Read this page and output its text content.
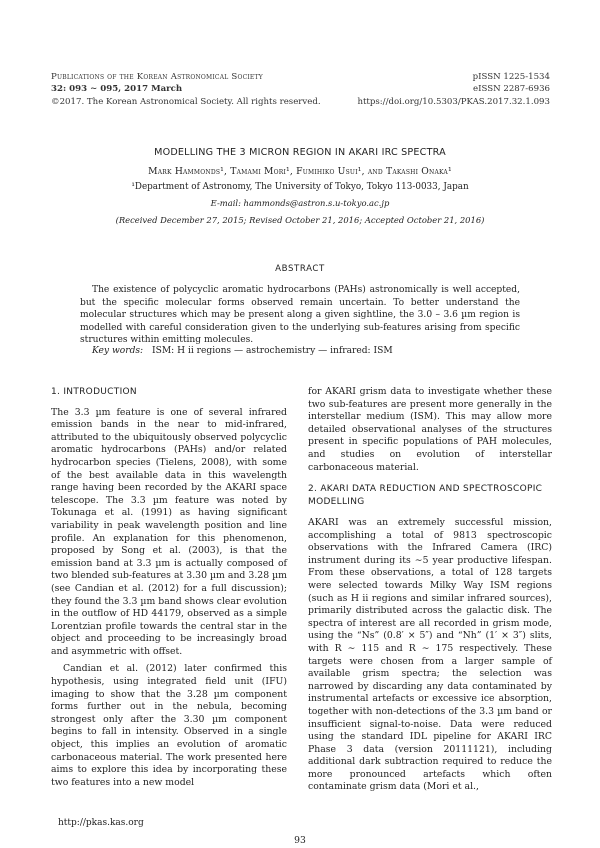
Publications of the Korean Astronomical Society
32: 093 ∼ 095, 2017 March
©2017. The Korean Astronomical Society. All rights reserved.
pISSN 1225-1534
eISSN 2287-6936
https://doi.org/10.5303/PKAS.2017.32.1.093
MODELLING THE 3 MICRON REGION IN AKARI IRC SPECTRA
Mark Hammonds¹, Tamami Mori¹, Fumihiko Usui¹, and Takashi Onaka¹
¹Department of Astronomy, The University of Tokyo, Tokyo 113-0033, Japan
E-mail: hammonds@astron.s.u-tokyo.ac.jp
(Received December 27, 2015; Revised October 21, 2016; Accepted October 21, 2016)
ABSTRACT

The existence of polycyclic aromatic hydrocarbons (PAHs) astronomically is well accepted, but the specific molecular forms observed remain uncertain. To better understand the molecular structures which may be present along a given sightline, the 3.0 – 3.6 µm region is modelled with careful consideration given to the underlying sub-features arising from specific structures within emitting molecules.

Key words: ISM: H ii regions — astrochemistry — infrared: ISM
1. INTRODUCTION

The 3.3 µm feature is one of several infrared emission bands in the near to mid-infrared, attributed to the ubiquitously observed polycyclic aromatic hydrocarbons (PAHs) and/or related hydrocarbon species (Tielens, 2008), with some of the best available data in this wavelength range having been recorded by the AKARI space telescope. The 3.3 µm feature was noted by Tokunaga et al. (1991) as having significant variability in peak wavelength position and line profile. An explanation for this phenomenon, proposed by Song et al. (2003), is that the emission band at 3.3 µm is actually composed of two blended sub-features at 3.30 µm and 3.28 µm (see Candian et al. (2012) for a full discussion); they found the 3.3 µm band shows clear evolution in the outflow of HD 44179, observed as a simple Lorentzian profile towards the central star in the object and proceeding to be increasingly broad and asymmetric with offset.

Candian et al. (2012) later confirmed this hypothesis, using integrated field unit (IFU) imaging to show that the 3.28 µm component forms further out in the nebula, becoming strongest only after the 3.30 µm component begins to fall in intensity. Observed in a single object, this implies an evolution of aromatic carbonaceous material. The work presented here aims to explore this idea by incorporating these two features into a new model

for AKARI grism data to investigate whether these two sub-features are present more generally in the interstellar medium (ISM). This may allow more detailed observational analyses of the structures present in specific populations of PAH molecules, and studies on evolution of interstellar carbonaceous material.

2. AKARI DATA REDUCTION AND SPECTROSCOPIC MODELLING

AKARI was an extremely successful mission, accomplishing a total of 9813 spectroscopic observations with the Infrared Camera (IRC) instrument during its ∼5 year productive lifespan. From these observations, a total of 128 targets were selected towards Milky Way ISM regions (such as H ii regions and similar infrared sources), primarily distributed across the galactic disk. The spectra of interest are all recorded in grism mode, using the “Ns” (0.8′ × 5″) and “Nh” (1′ × 3″) slits, with R ∼ 115 and R ∼ 175 respectively. These targets were chosen from a larger sample of available grism spectra; the selection was narrowed by discarding any data contaminated by instrumental artefacts or excessive ice absorption, together with non-detections of the 3.3 µm band or insufficient signal-to-noise. Data were reduced using the standard IDL pipeline for AKARI IRC Phase 3 data (version 20111121), including additional dark subtraction required to reduce the more pronounced artefacts which often contaminate grism data (Mori et al.,

http://pkas.kas.org
93
